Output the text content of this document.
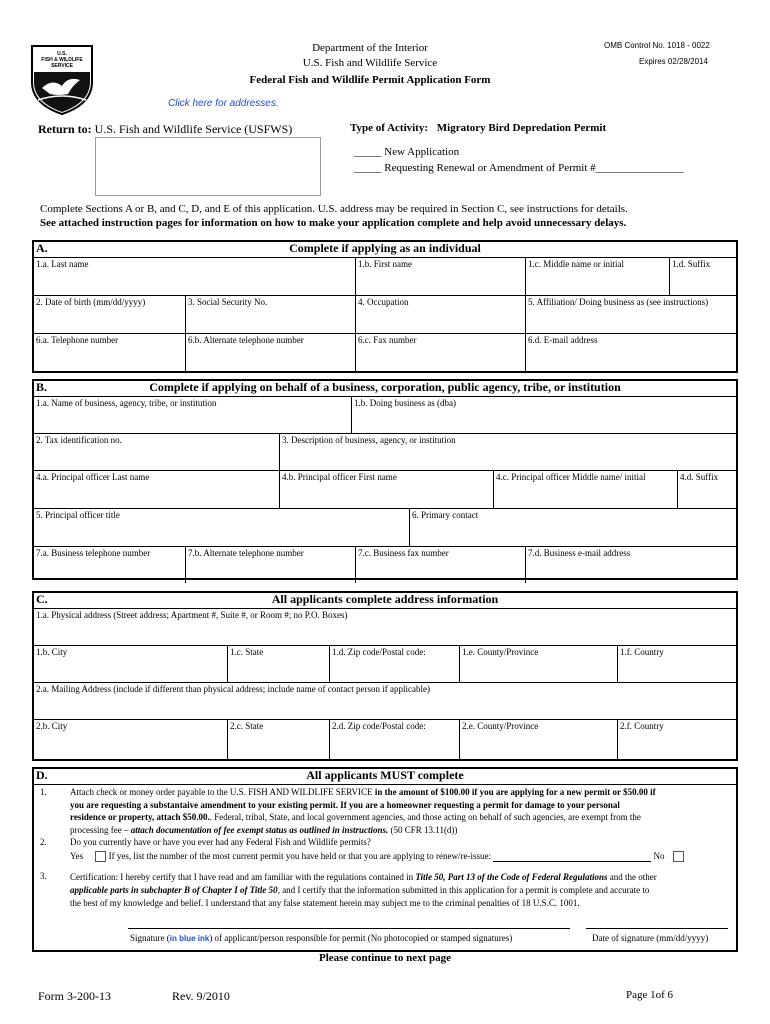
U.S.
FISH & WILDLIFE
SERVICE
Department of the Interior
U.S. Fish and Wildlife Service
Federal Fish and Wildlife Permit Application Form
Click here for addresses.
OMB Control No. 1018 - 0022
Expires 02/28/2014
Return to: U.S. Fish and Wildlife Service (USFWS)	Type of Activity: Migratory Bird Depredation Permit
_____ New Application
_____ Requesting Renewal or Amendment of Permit #________________
Complete Sections A or B, and C, D, and E of this application. U.S. address may be required in Section C, see instructions for details.
See attached instruction pages for information on how to make your application complete and help avoid unnecessary delays.
A.	Complete if applying as an individual
1.a. Last name	1.b. First name	1.c. Middle name or initial	1.d. Suffix
2. Date of birth (mm/dd/yyyy)	3. Social Security No.	4. Occupation	5. Affiliation/ Doing business as (see instructions)
6.a. Telephone number	6.b. Alternate telephone number	6.c. Fax number	6.d. E-mail address
B.	Complete if applying on behalf of a business, corporation, public agency, tribe, or institution
1.a. Name of business, agency, tribe, or institution	1.b. Doing business as (dba)
2. Tax identification no.	3. Description of business, agency, or institution
4.a. Principal officer Last name	4.b. Principal officer First name	4.c. Principal officer Middle name/ initial	4.d. Suffix
5. Principal officer title	6. Primary contact
7.a. Business telephone number	7.b. Alternate telephone number	7.c. Business fax number	7.d. Business e-mail address
C.	All applicants complete address information
1.a. Physical address (Street address; Apartment #, Suite #, or Room #; no P.O. Boxes)
1.b. City	1.c. State	1.d. Zip code/Postal code:	1.e. County/Province	1.f. Country
2.a. Mailing Address (include if different than physical address; include name of contact person if applicable)
2.b. City	2.c. State	2.d. Zip code/Postal code:	2.e. County/Province	2.f. Country
D.	All applicants MUST complete
1.	Attach check or money order payable to the U.S. FISH AND WILDLIFE SERVICE in the amount of $100.00 if you are applying for a new permit or $50.00 if
you are requesting a substantaive amendment to your existing permit. If you are a homeowner requesting a permit for damage to your personal
residence or property, attach $50.00.. Federal, tribal, State, and local government agencies, and those acting on behalf of such agencies, are exempt from the
processing fee – attach documentation of fee exempt status as outlined in instructions. (50 CFR 13.11(d))
2.	Do you currently have or have you ever had any Federal Fish and Wildlife permits?
Yes	If yes, list the number of the most current permit you have held or that you are applying to renew/re-issue:	No
3.	Certification: I hereby certify that I have read and am familiar with the regulations contained in Title 50, Part 13 of the Code of Federal Regulations and the other
applicable parts in subchapter B of Chapter I of Title 50, and I certify that the information submitted in this application for a permit is complete and accurate to
the best of my knowledge and belief. I understand that any false statement herein may subject me to the criminal penalties of 18 U.S.C. 1001.
Signature (in blue ink) of applicant/person responsible for permit (No photocopied or stamped signatures)	Date of signature (mm/dd/yyyy)
Please continue to next page
Form 3-200-13	Rev. 9/2010	Page 1of 6
